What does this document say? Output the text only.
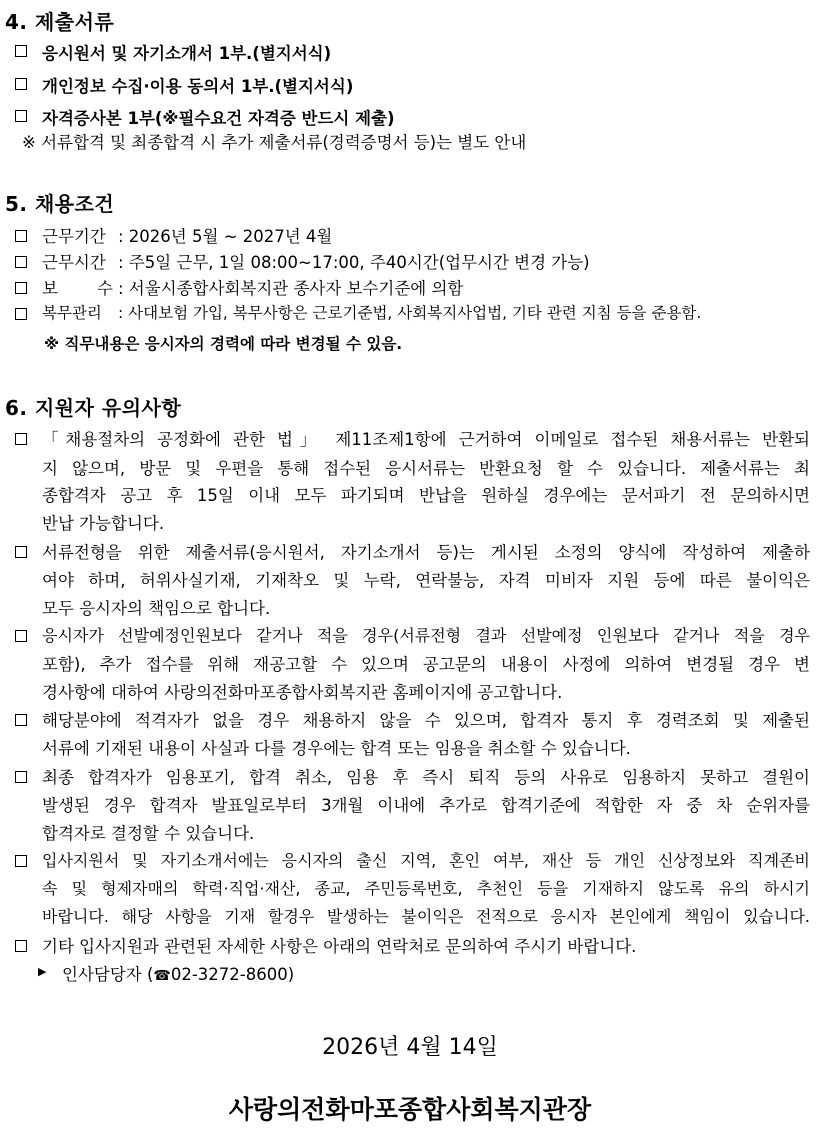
4. 제출서류
응시원서 및 자기소개서 1부.(별지서식)
개인정보 수집·이용 동의서 1부.(별지서식)
자격증사본 1부(※필수요건 자격증 반드시 제출)
※ 서류합격 및 최종합격 시 추가 제출서류(경력증명서 등)는 별도 안내
5. 채용조건
근무기간 : 2026년 5월 ~ 2027년 4월
근무시간 : 주5일 근무, 1일 08:00~17:00, 주40시간(업무시간 변경 가능)
보 수 : 서울시종합사회복지관 종사자 보수기준에 의함
복무관리 : 사대보험 가입, 복무사항은 근로기준법, 사회복지사업법, 기타 관련 지침 등을 준용함.
※ 직무내용은 응시자의 경력에 따라 변경될 수 있음.
6. 지원자 유의사항
「채용절차의 공정화에 관한 법」 제11조제1항에 근거하여 이메일로 접수된 채용서류는 반환되
지 않으며, 방문 및 우편을 통해 접수된 응시서류는 반환요청 할 수 있습니다. 제출서류는 최
종합격자 공고 후 15일 이내 모두 파기되며 반납을 원하실 경우에는 문서파기 전 문의하시면
반납 가능합니다.
서류전형을 위한 제출서류(응시원서, 자기소개서 등)는 게시된 소정의 양식에 작성하여 제출하
여야 하며, 허위사실기재, 기재착오 및 누락, 연락불능, 자격 미비자 지원 등에 따른 불이익은
모두 응시자의 책임으로 합니다.
응시자가 선발예정인원보다 같거나 적을 경우(서류전형 결과 선발예정 인원보다 같거나 적을 경우
포함), 추가 접수를 위해 재공고할 수 있으며 공고문의 내용이 사정에 의하여 변경될 경우 변
경사항에 대하여 사랑의전화마포종합사회복지관 홈페이지에 공고합니다.
해당분야에 적격자가 없을 경우 채용하지 않을 수 있으며, 합격자 통지 후 경력조회 및 제출된
서류에 기재된 내용이 사실과 다를 경우에는 합격 또는 임용을 취소할 수 있습니다.
최종 합격자가 임용포기, 합격 취소, 임용 후 즉시 퇴직 등의 사유로 임용하지 못하고 결원이
발생된 경우 합격자 발표일로부터 3개월 이내에 추가로 합격기준에 적합한 자 중 차 순위자를
합격자로 결정할 수 있습니다.
입사지원서 및 자기소개서에는 응시자의 출신 지역, 혼인 여부, 재산 등 개인 신상정보와 직계존비
속 및 형제자매의 학력·직업·재산, 종교, 주민등록번호, 추천인 등을 기재하지 않도록 유의 하시기
바랍니다. 해당 사항을 기재 할경우 발생하는 불이익은 전적으로 응시자 본인에게 책임이 있습니다.
기타 입사지원과 관련된 자세한 사항은 아래의 연락처로 문의하여 주시기 바랍니다.
▶ 인사담당자 (☎02-3272-8600)
2026년 4월 14일
사랑의전화마포종합사회복지관장
